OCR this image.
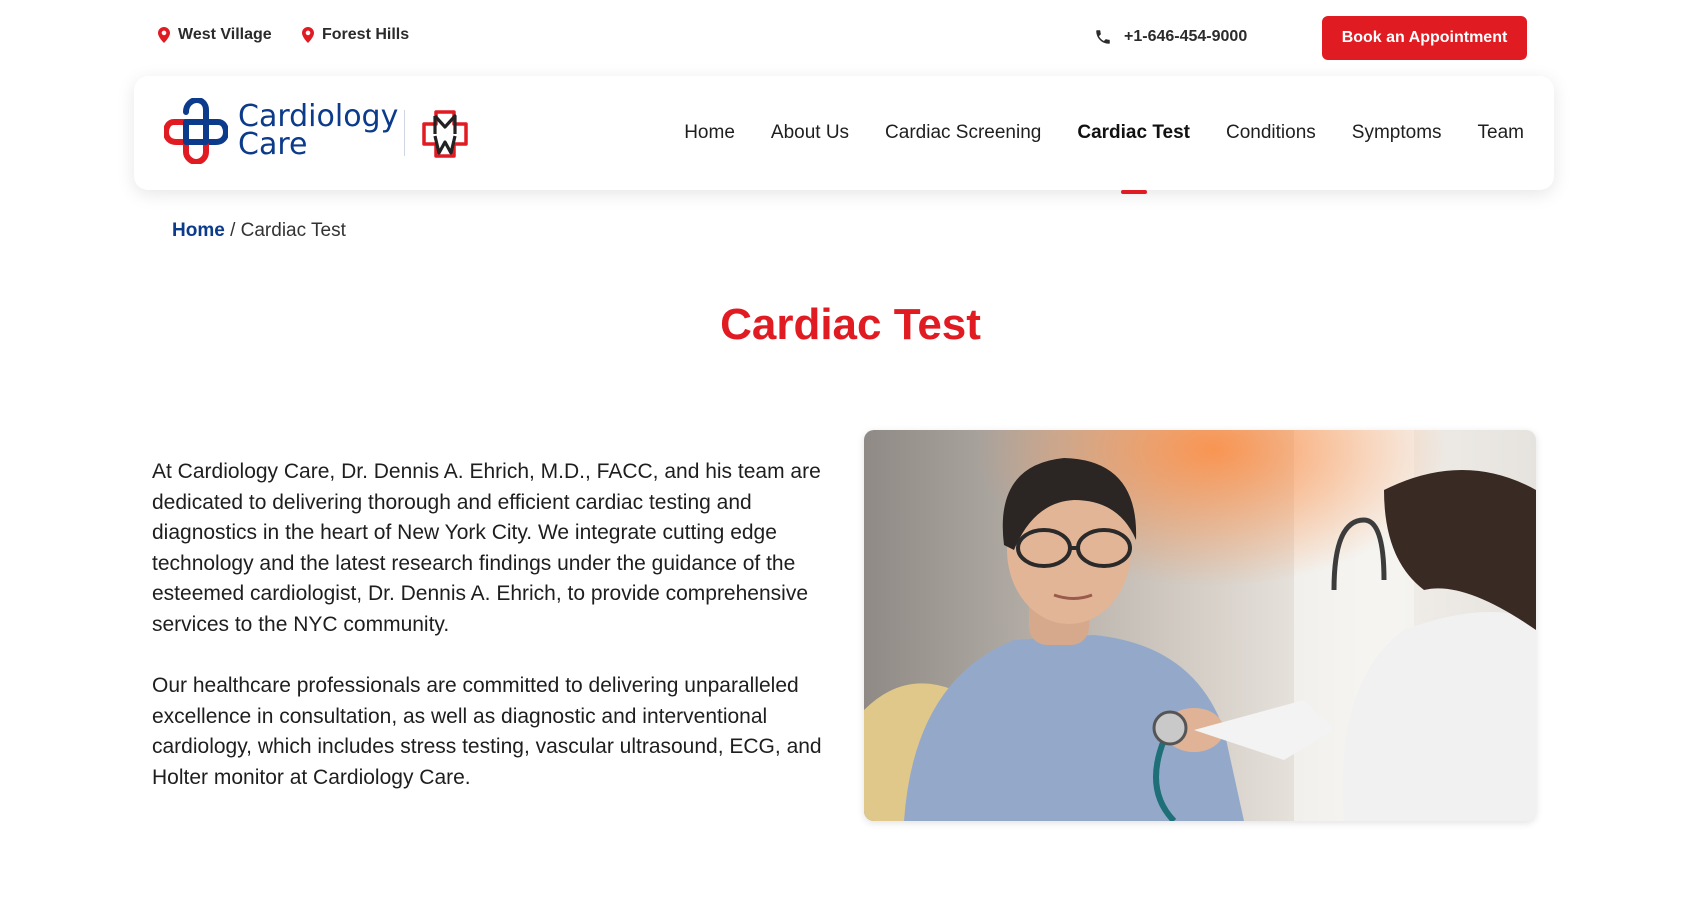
West Village	Forest Hills	+1-646-454-9000	Book an Appointment
Cardiology
Care	Home About Us Cardiac Screening Cardiac Test Conditions Symptoms Team
Home / Cardiac Test
Cardiac Test

At Cardiology Care, Dr. Dennis A. Ehrich, M.D., FACC, and his team are dedicated to delivering thorough and efficient cardiac testing and diagnostics in the heart of New York City. We integrate cutting edge technology and the latest research findings under the guidance of the esteemed cardiologist, Dr. Dennis A. Ehrich, to provide comprehensive services to the NYC community.

Our healthcare professionals are committed to delivering unparalleled excellence in consultation, as well as diagnostic and interventional cardiology, which includes stress testing, vascular ultrasound, ECG, and Holter monitor at Cardiology Care.
